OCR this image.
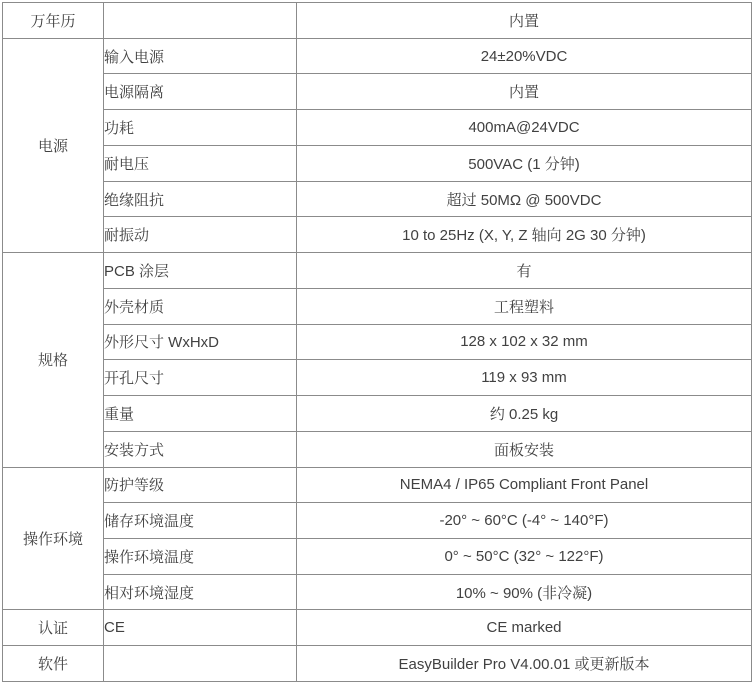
万年历		内置
电源	输入电源	24±20%VDC
	电源隔离	内置
	功耗	400mA@24VDC
	耐电压	500VAC (1 分钟)
	绝缘阻抗	超过 50MΩ @ 500VDC
	耐振动	10 to 25Hz (X, Y, Z 轴向 2G 30 分钟)
规格	PCB 涂层	有
	外壳材质	工程塑料
	外形尺寸 WxHxD	128 x 102 x 32 mm
	开孔尺寸	119 x 93 mm
	重量	约 0.25 kg
	安装方式	面板安装
操作环境	防护等级	NEMA4 / IP65 Compliant Front Panel
	储存环境温度	-20° ~ 60°C (-4° ~ 140°F)
	操作环境温度	0° ~ 50°C (32° ~ 122°F)
	相对环境湿度	10% ~ 90% (非冷凝)
认证	CE	CE marked
软件		EasyBuilder Pro V4.00.01 或更新版本
